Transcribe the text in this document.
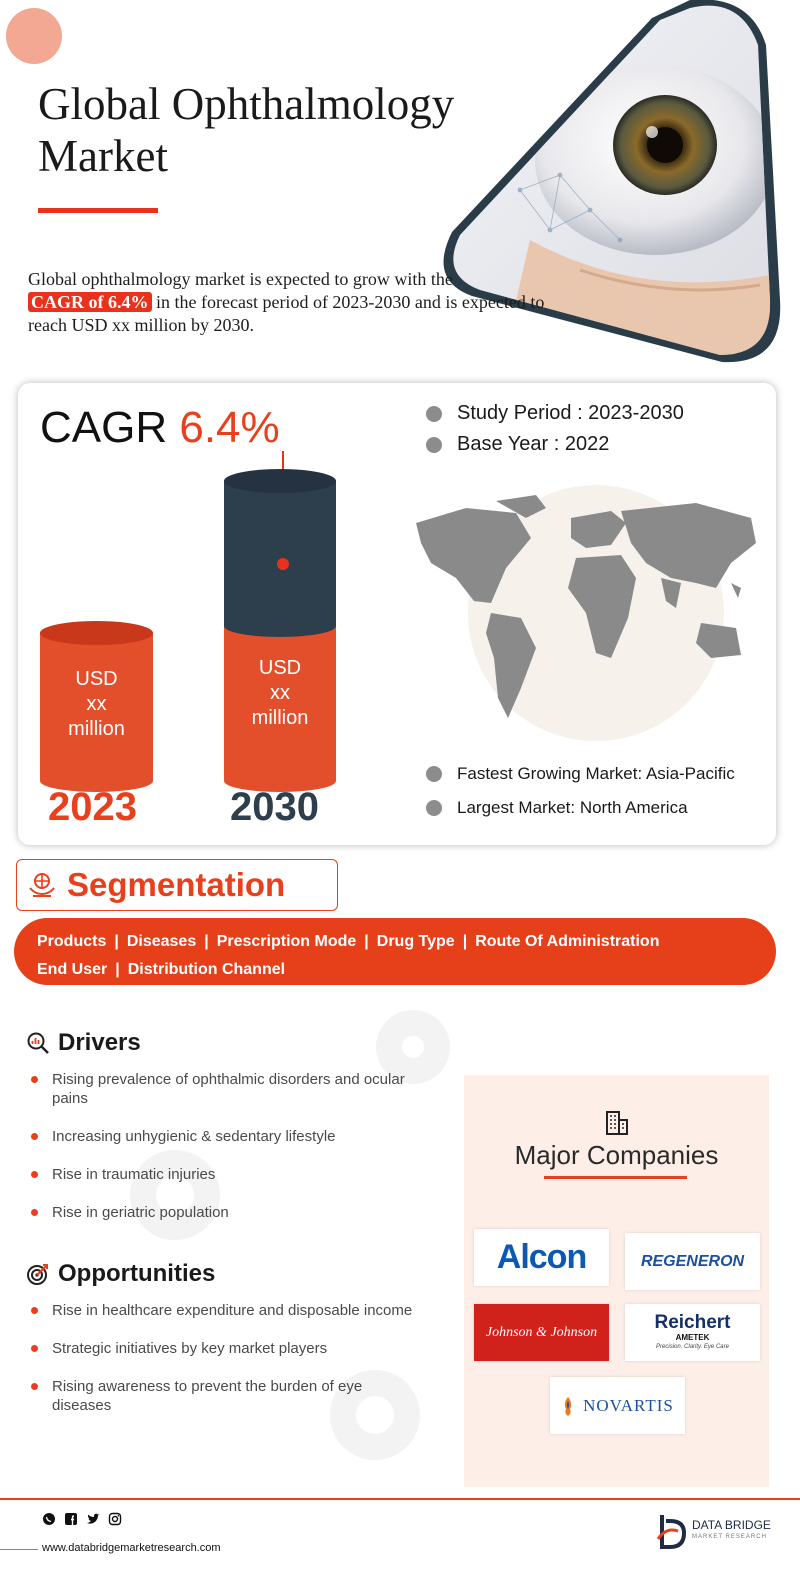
Global Ophthalmology Market

Global ophthalmology market is expected to grow with the
CAGR of 6.4% in the forecast period of 2023-2030 and is expected to reach USD xx million by 2030.

CAGR 6.4%	Study Period : 2023-2030
Base Year : 2022
USD
xx
million
USD
xx
million
2023 2030
Fastest Growing Market: Asia-Pacific
Largest Market: North America
Segmentation
Products | Diseases | Prescription Mode | Drug Type | Route Of Administration
End User | Distribution Channel
Drivers
Rising prevalence of ophthalmic disorders and ocular pains
Increasing unhygienic & sedentary lifestyle
Rise in traumatic injuries
Rise in geriatric population
Opportunities
Rise in healthcare expenditure and disposable income
Strategic initiatives by key market players
Rising awareness to prevent the burden of eye diseases
Major Companies
Alcon	REGENERON
Johnson & Johnson	Reichert
AMETEK
Precision. Clarity. Eye Care
NOVARTIS
www.databridgemarketresearch.com
DATA BRIDGE
MARKET RESEARCH
